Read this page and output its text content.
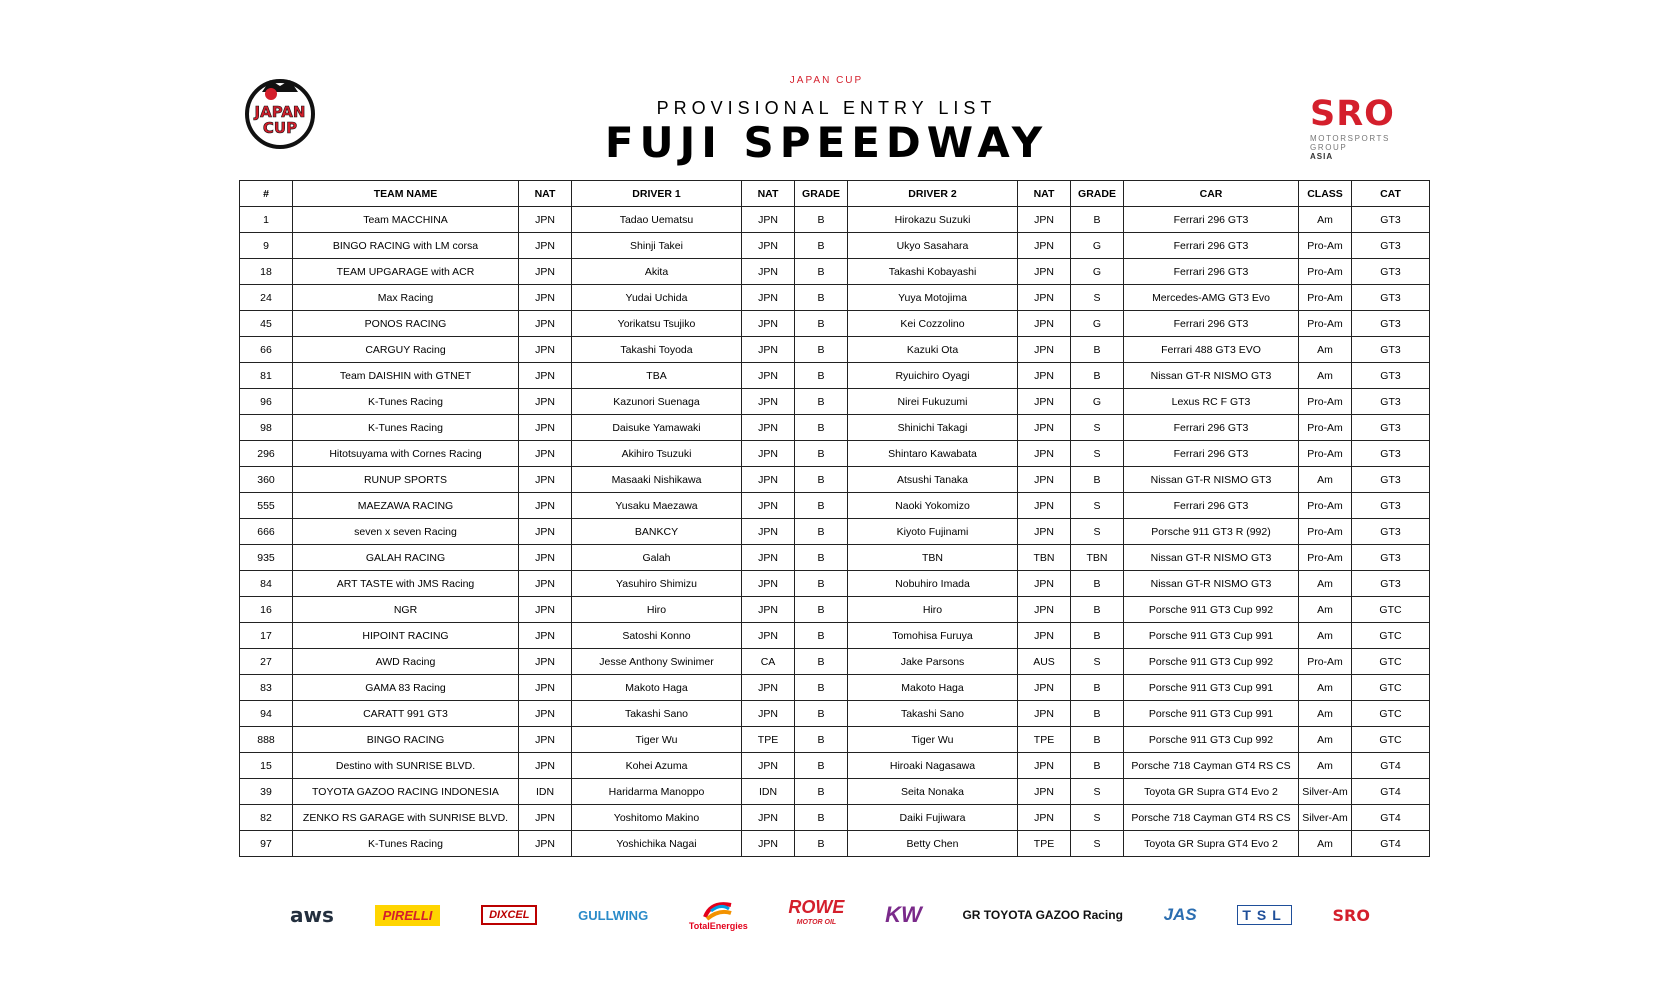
JAPAN
CUP	SRO
MOTORSPORTS GROUP
ASIA
JAPAN CUP
PROVISIONAL ENTRY LIST
FUJI SPEEDWAY
#	TEAM NAME	NAT	DRIVER 1	NAT	GRADE	DRIVER 2	NAT	GRADE	CAR	CLASS	CAT
1	Team MACCHINA	JPN	Tadao Uematsu	JPN	B	Hirokazu Suzuki	JPN	B	Ferrari 296 GT3	Am	GT3
9	BINGO RACING with LM corsa	JPN	Shinji Takei	JPN	B	Ukyo Sasahara	JPN	G	Ferrari 296 GT3	Pro-Am	GT3
18	TEAM UPGARAGE with ACR	JPN	Akita	JPN	B	Takashi Kobayashi	JPN	G	Ferrari 296 GT3	Pro-Am	GT3
24	Max Racing	JPN	Yudai Uchida	JPN	B	Yuya Motojima	JPN	S	Mercedes-AMG GT3 Evo	Pro-Am	GT3
45	PONOS RACING	JPN	Yorikatsu Tsujiko	JPN	B	Kei Cozzolino	JPN	G	Ferrari 296 GT3	Pro-Am	GT3
66	CARGUY Racing	JPN	Takashi Toyoda	JPN	B	Kazuki Ota	JPN	B	Ferrari 488 GT3 EVO	Am	GT3
81	Team DAISHIN with GTNET	JPN	TBA	JPN	B	Ryuichiro Oyagi	JPN	B	Nissan GT-R NISMO GT3	Am	GT3
96	K-Tunes Racing	JPN	Kazunori Suenaga	JPN	B	Nirei Fukuzumi	JPN	G	Lexus RC F GT3	Pro-Am	GT3
98	K-Tunes Racing	JPN	Daisuke Yamawaki	JPN	B	Shinichi Takagi	JPN	S	Ferrari 296 GT3	Pro-Am	GT3
296	Hitotsuyama with Cornes Racing	JPN	Akihiro Tsuzuki	JPN	B	Shintaro Kawabata	JPN	S	Ferrari 296 GT3	Pro-Am	GT3
360	RUNUP SPORTS	JPN	Masaaki Nishikawa	JPN	B	Atsushi Tanaka	JPN	B	Nissan GT-R NISMO GT3	Am	GT3
555	MAEZAWA RACING	JPN	Yusaku Maezawa	JPN	B	Naoki Yokomizo	JPN	S	Ferrari 296 GT3	Pro-Am	GT3
666	seven x seven Racing	JPN	BANKCY	JPN	B	Kiyoto Fujinami	JPN	S	Porsche 911 GT3 R (992)	Pro-Am	GT3
935	GALAH RACING	JPN	Galah	JPN	B	TBN	TBN	TBN	Nissan GT-R NISMO GT3	Pro-Am	GT3
84	ART TASTE with JMS Racing	JPN	Yasuhiro Shimizu	JPN	B	Nobuhiro Imada	JPN	B	Nissan GT-R NISMO GT3	Am	GT3
16	NGR	JPN	Hiro	JPN	B	Hiro	JPN	B	Porsche 911 GT3 Cup 992	Am	GTC
17	HIPOINT RACING	JPN	Satoshi Konno	JPN	B	Tomohisa Furuya	JPN	B	Porsche 911 GT3 Cup 991	Am	GTC
27	AWD Racing	JPN	Jesse Anthony Swinimer	CA	B	Jake Parsons	AUS	S	Porsche 911 GT3 Cup 992	Pro-Am	GTC
83	GAMA 83 Racing	JPN	Makoto Haga	JPN	B	Makoto Haga	JPN	B	Porsche 911 GT3 Cup 991	Am	GTC
94	CARATT 991 GT3	JPN	Takashi Sano	JPN	B	Takashi Sano	JPN	B	Porsche 911 GT3 Cup 991	Am	GTC
888	BINGO RACING	JPN	Tiger Wu	TPE	B	Tiger Wu	TPE	B	Porsche 911 GT3 Cup 992	Am	GTC
15	Destino with SUNRISE BLVD.	JPN	Kohei Azuma	JPN	B	Hiroaki Nagasawa	JPN	B	Porsche 718 Cayman GT4 RS CS	Am	GT4
39	TOYOTA GAZOO RACING INDONESIA	IDN	Haridarma Manoppo	IDN	B	Seita Nonaka	JPN	S	Toyota GR Supra GT4 Evo 2	Silver-Am	GT4
82	ZENKO RS GARAGE with SUNRISE BLVD.	JPN	Yoshitomo Makino	JPN	B	Daiki Fujiwara	JPN	S	Porsche 718 Cayman GT4 RS CS	Silver-Am	GT4
97	K-Tunes Racing	JPN	Yoshichika Nagai	JPN	B	Betty Chen	TPE	S	Toyota GR Supra GT4 Evo 2	Am	GT4
aws	PIRELLI	DIXCEL	GULLWING
TotalEnergies
ROWE
MOTOR OIL KW	GR TOYOTA GAZOO Racing JAS	TSL	SRO
